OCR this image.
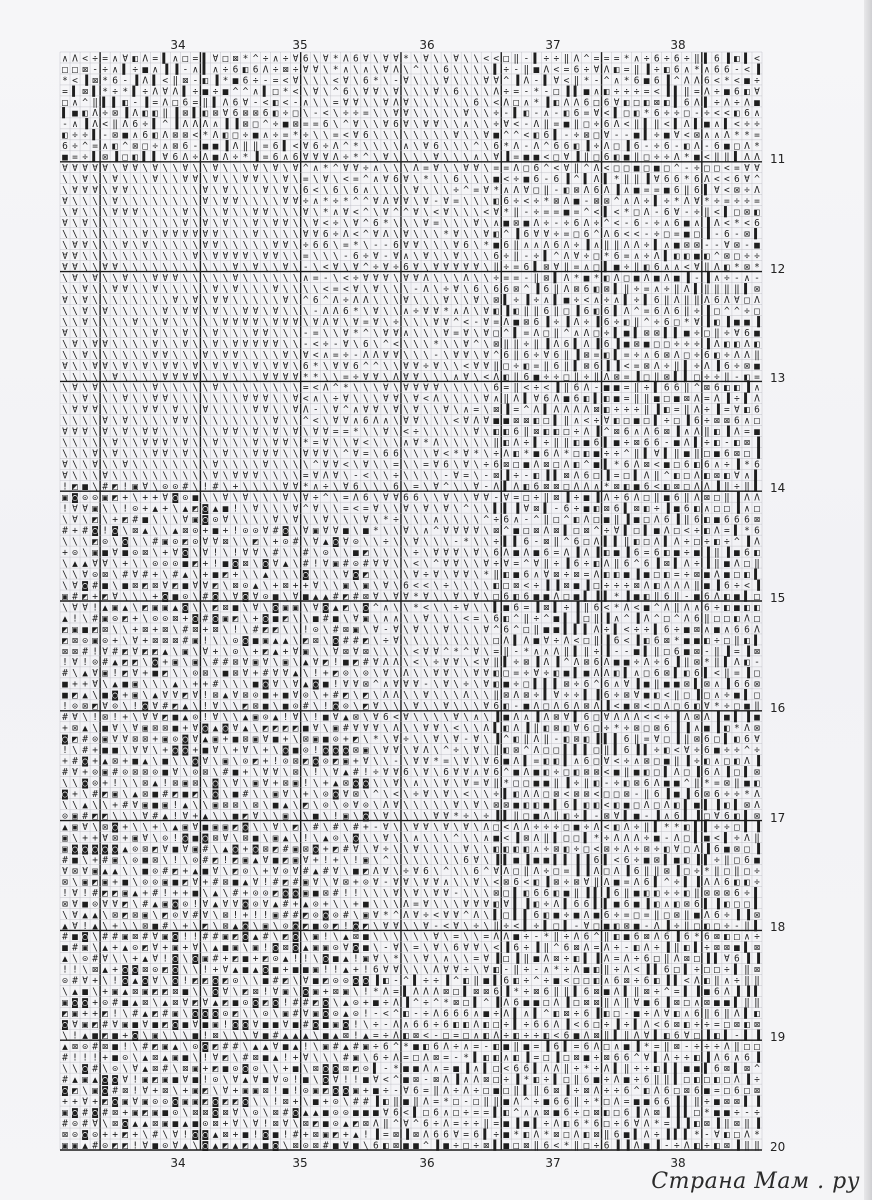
34	35	36	37	38
34	35	36	37	38
11
12
13
14
15
16
17
18
19
20
∧ Λ < ÷ = ∧ ∀ ◧ Λ = ▌ ∧ □ = ▌ ∀ □ ⊠ * ^ ÷ ∧ ÷ ∀ 6 \ ∀ * Λ 6 ∀ \ ∀ ∀ * \ ∀ \ \ ∀ \ \ < < □ ‖ - ▌ ÷ ÷ ‖ Λ ^ = = = * ∧ ÷ 6 ÷ 6 ÷ ‖ ▌ 6 ▐ ◧ ▌ <
□ □ ⊠ - ÷ ∧ ▌ ÷ ■ ∧ ▐ ▐ - ∧ ▌ ∧ ÷ 6 ◧ 6 Λ ÷ ⊠ ÷ ∀ ∀ \ * ∧ \ ∧ \ ∀ Λ \ ^ \ \ 6 \ \ \ \ ▌ ÷ - ‖ ■ Λ < = 6 ÷ ∀ Λ ◧ = ‖ ▐ ÷ ◧ 6 ∧ * ∧ 6 6 - < ▐
* < ▐ ⊠ * 6 - ▐ Λ ▌ < ‖ ⊠ - ◧ ▐ * ■ 6 ÷ - = < ∀ \ \ \ < ∀ \ 6 * \ - ∀ \ \ \ ∀ \ \ \ ∀ ∀ ^ ▐ Λ - ▌ ∀ < ‖ * - ^ ∧ * 6 ■ 6 ▐ ^ Λ Λ 6 < * < ■ ÷
= ▌ ⊠ ▌ * ÷ * ▌ ÷ Λ ∀ Λ ▌ ÷ ■ ÷ ■ ^ ^ ∧ ▌ □ * < \ ∀ \ ^ 6 \ ∀ ∀ \ ∀ \ \ \ ∀ \ 6 \ \ \ Λ ÷ = - * - □ ▐ ▌ ■ ∧ ◧ ÷ ÷ ÷ = < ▐ ▌ ‖ = Λ ÷ ■ 6 ◧ ∀
□ ∧ ^ ‖ ▌ ▌ ◧ - ▐ = Λ □ 6 = ‖ ▌ Λ 6 ∀ - < ◧ < - ∧ \ \ = ∀ ∀ \ \ ∀ Λ ∀ \ \ \ \ \ \ 6 \ < Λ □ ∧ * ▐ ◧ Λ Λ 6 □ 6 ∀ ◧ □ ◧ ⊠ ◧ ▌ 6 Λ ▌ ÷ Λ ÷ Λ ■
▌ ■ ◧ Λ ÷ ⊠ ▐ Λ ◧ ◧ ‖ ▐ ⊠ ▌ ◧ ⊠ ∀ 6 ⊠ ⊠ 6 ◧ ÷ □ \ - < \ ÷ ÷ = \ \ ∀ ∀ \ \ \ \ \ ∀ \ \ ÷ - ▌ ◧ - ∧ - ◧ 6 = ∀ < ▌ □ ◧ * 6 ÷ ÷ □ - ÷ < < ◧ 6 ∧
- ∧ ▐ Λ < ‖ Λ 6 ÷ ▌ ^ ▐ Λ Λ Λ ∧ ▐ ▐ ⊠ □ ^ ÷ ■ ⊠ = = 6 \ ^ ∀ \ \ ∀ 6 ∀ \ ∀ ∀ \ \ ∧ \ \ ÷ ∀ < - Λ ‖ = ■ ‖ □ ÷ 6 Λ < ‖ ▌ ‖ < ▌ Λ ▌ ■ ∧ ▌ < ÷ ÷
◧ ÷ ÷ ▌ - ⊠ ■ ∧ 6 ◧ Λ ⊠ ⊠ < * Λ ◧ □ ÷ ■ ∧ ÷ = * ÷ \ \ = < ∀ 6 \ \ \ \ \ \ \ \ ∀ \ \ ∀ ■ ^ ^ < ◧ 6 ▌ - ÷ ⊠ □ ∀ - - ■ ▌ ÷ ■ ∀ < ⊠ ∧ ∧ Λ * * =
6 ÷ ^ = ∧ ◧ ^ ⊠ □ ÷ ∧ ⊠ 6 - ■ ■ ▐ Λ ‖ ‖ = 6 ▌ < ∀ 6 ÷ Λ ^ * \ \ \ \ ∧ \ ∀ 6 \ \ \ ^ \ 6 * Λ - Λ ^ 6 6 ◧ ▐ ÷ Λ □ ▐ 6 - ÷ 6 - ◧ Λ - 6 ■ □ Λ *
■ = ÷ ▌ ⊠ ▐ □ ◧ ▌ ▌ ∀ 6 Λ ÷ Λ ■ Λ ÷ * ▐ = 6 ∧ 6 ∀ ∀ ∀ Λ ÷ * ^ \ ∀ \ \ \ \ ∀ \ \ \ ∧ \ ∀ ▐ = ■ ■ < □ ∀ ▐ ‖ □ 6 ◧ ■ ‖ □ ÷ ÷ Λ * ■ < ‖ ‖ ▌ Λ Λ
∀ ∀ ∀ ∀ ∀ \ ∀ ∀ \ ∀ \ \ ∀ \ \ ∀ \ \ \ ∀ \ ∀ \ ∀ ^ ∧ * ^ ∀ ∀ ÷ ∧ \ \ \ Λ = ∀ \ \ ∀ ∀ \ = = Λ □ 6 ^ < ∀ ‖ ^ Λ < □ □ ■ □ ■ □ ^ - ÷ □ □ < = ∀ ∀
\ \ ∀ \ \ ∀ \ \ \ ∀ \ \ ∀ ∀ \ ∀ \ \ ∀ ∀ \ \ ∀ \ = \ ∀ \ < = ^ ∧ ∀ 6 ∀ \ * \ \ 6 \ \ \ ■ < ÷ ■ 6 - 6 ▐ ^ ▌ Λ ▌ * ‖ ‖ ▐ ∀ 6 6 * 6 Λ < < 6 ∀ ^
\ ∀ ∀ ∀ \ ∀ ∀ \ \ \ \ \ \ \ ∀ \ ∀ \ \ \ ∀ \ ∀ \ 6 < \ 6 \ 6 ∧ \ \ \ \ ∀ \ \ \ ÷ ^ = ∀ * ∧ Λ ∀ □ ‖ - ◧ ⊠ Λ 6 Λ ▐ ∧ ■ = = ■ 6 ‖ 6 ▌ ∀ < ⊠ ÷ Λ
∀ \ \ \ \ ∀ \ \ \ \ \ \ \ \ ∀ \ ∀ ∀ \ \ \ \ ∀ ∀ ÷ ∧ * ÷ * ^ ^ ∀ Λ ∀ ∀ \ ∀ - ∀ = \ \ \ ◧ 6 ÷ < ÷ * ⊠ Λ ■ - ⊠ ⊠ ^ ∧ Λ ÷ ▌ ÷ * Λ ∀ * ÷ = ÷ ÷ =
\ ∀ \ \ \ ∀ ∀ ∀ \ \ \ \ ∀ \ \ \ ∀ \ \ ∀ ∀ \ \ \ ∀ \ * ∧ ∀ < ^ \ ∀ ^ ^ ∀ \ < ∀ \ \ \ < ∀ * ‖ - ÷ = = ■ = ^ < ▌ < * □ Λ - 6 ∀ - ÷ ‖ < ▌ □ ⊠ ◧
∀ \ ∀ \ \ \ \ \ \ \ \ \ ∀ \ ∀ \ ∀ \ \ ∀ \ ∀ ∀ \ \ ∀ < ÷ \ ∀ ^ 6 * \ \ \ ∀ = \ \ \ ∀ \ ∧ ■ ⊠ ■ Λ ÷ - ÷ 6 Λ ÷ ^ < - 6 - ÷ ∧ 6 ■ ∧ ▐ Λ < * < 6
\ \ \ \ \ \ \ \ ∀ \ ∀ ∀ ∀ ∀ ∀ ∀ \ \ \ ∀ \ \ \ \ ∀ ∀ 6 ÷ Λ < ^ ∀ Λ \ ∀ \ \ \ * ∀ \ \ ∀ ◧ ^ ▐ 6 ∀ ∀ ÷ = □ 6 ^ Λ 6 < < - ÷ □ = ■ □ ▐ - 6 - ⊠ ▌
\ ∀ ∀ \ \ \ ∀ \ ∀ \ \ \ \ \ ∀ ∀ \ \ \ \ \ ∀ ∀ \ ÷ 6 6 \ = * \ - - 6 ∀ ∀ \ \ \ ∀ 6 \ * ■ 6 ‖ ∧ ∧ Λ 6 Λ ÷ ▐ ∧ ‖ ‖ Λ Λ ÷ ▌ ∧ ■ ⊠ ⊠ - - ∀ ⊠ - ■
∀ ∀ \ \ \ \ \ \ \ \ \ \ \ ∀ \ ∀ ∀ ∀ ∀ \ ∀ ∀ \ \ = \ \ \ - 6 ÷ ∀ - ∀ ∧ \ ∀ \ \ ∀ \ \ \ 6 ÷ ‖ - ÷ ▌ ^ Λ ∀ ÷ □ * 6 = ∧ ÷ Λ ▌ ◧ ◧ ■ ◧ ^ ⊠ □ ÷ ÷
∀ ∀ \ \ ∀ ∀ \ \ \ \ \ \ \ \ \ \ \ ∀ \ ∀ \ \ ∀ \ - \ < ∀ \ ∀ ^ ÷ ∀ ÷ 6 ∀ \ ∀ ∀ ∀ ∀ ∀ \ ‖ ÷ = 6 ▌ ⊠ ∀ ‖ = ∧ □ ▌ ■ ÷ ‖ ◧ 6 ∧ ∧ < ∀ ‖ Λ ◧ * ⊠ *
\ ∀ \ ∀ \ \ ∀ \ \ ∀ ∀ ∀ \ \ \ \ \ ∀ \ \ \ \ \ \ ∧ = - \ < ÷ ∀ ∀ ∀ \ ∀ ∀ Λ \ \ \ Λ \ \ ÷ = = - ‖ ⊠ ▌ Λ * ■ * ◧ Λ □ ■ Λ ■ Λ ■ ▐ - ▐ ∧ ÷ - ∧ -
\ \ ∀ \ \ ∀ ∀ \ \ ∀ \ \ \ \ \ ∀ \ ∀ \ \ \ ∀ \ \ \ \ < = < ∀ \ ∀ \ \ \ - Λ \ ÷ ∀ \ 6 \ 6 6 ⊠ ^ ▐ 6 ‖ Λ ⊠ 6 ◧ ⊠ ▌ ‖ ÷ = ∧ ÷ ‖ Λ ▌ ‖ ‖ ‖ ‖ ▌ ⊠
∀ \ ∀ \ \ \ \ \ \ \ \ ∀ \ ∀ \ ∀ ∀ \ \ \ \ \ ∀ \ ^ 6 ^ Λ ÷ Λ Λ \ \ \ ∀ \ \ \ ∀ \ \ ∀ \ ⊠ ▌ ÷ ▐ ÷ ∧ ▌ ■ ÷ < ∧ ÷ ∧ ▌ ÷ ▌ 6 ‖ Λ ‖ ‖ Λ 6 Λ ∀ □ Λ
\ \ ∀ \ ∀ \ \ \ \ \ ∀ \ ∀ ∀ \ ∀ \ \ ∀ ∀ \ ∀ \ \ \ - Λ Λ 6 * \ ∀ \ \ ∧ ÷ ∀ ∀ * ∧ Λ \ ∀ ◧ ▐ ◧ ‖ ‖ 6 ‖ □ ▐ 6 ◧ 6 ▌ Λ ^ = 6 Λ 6 ‖ ÷ ▐ □ ^ ^ ÷ □
\ \ ∀ \ \ \ \ ∀ \ \ ∀ \ \ \ \ \ ∀ ∀ ∀ ∀ \ ∀ ∀ ∀ \ ∀ Λ ∀ \ ∀ = ∀ \ ÷ \ \ \ ∀ ∀ ^ < - ∀ = Λ ■ ⊠ 6 ▐ ÷ ▐ Λ ÷ ▐ 6 ÷ ◧ ‖ ^ ÷ 6 □ * ∀ ▐ ◧ ▐ ■ ■ ▐
∀ \ \ \ \ \ \ \ \ ∀ \ \ ∀ \ \ ∀ \ \ \ ∀ ∀ \ \ \ - = \ \ ∀ * ^ \ ∀ ∀ ∧ \ \ \ ∀ = ∀ \ ∀ □ ^ ▌ = Λ □ ‖ ^ ∧ Λ □ ÷ ▌ ■ ▌ ⊠ ⊠ ▌ ▌ ■ ÷ □ ‖ ÷ ∀ 6 ■
\ ∀ \ ∀ ∀ \ \ \ \ ∀ \ \ ∀ \ \ ∀ \ ∀ ∀ ∀ ∀ ∀ \ \ - < ÷ - ∀ \ 6 \ ^ < \ \ \ * \ \ ∀ ^ \ ⊠ ‖ ‖ ÷ ‖ ▐ Λ 6 ▌ Λ ▐ 6 ▐ ■ ⊠ ■ □ □ ÷ ÷ ÷ ▐ Λ ◧ ◧ Λ ◧
\ \ ∀ \ \ \ \ \ \ ∀ ∀ \ \ \ ∀ \ ∀ ∀ \ \ \ \ ∀ \ ∀ < ∧ = ÷ - Λ Λ ∀ ∀ \ \ \ - \ ∀ ∀ \ ∀ ^ 6 ‖ 6 ÷ ∀ 6 ‖ ▐ ⊠ = ◧ ▌ = ÷ ∧ 6 ⊠ Λ □ ÷ 6 ◧ ÷ Λ Λ ‖
∀ \ \ ∀ ∀ \ ∀ \ ∀ \ ∀ ∀ \ ∀ \ ∀ \ ∀ \ ∀ \ ∀ ∀ \ 6 * \ ∀ ∀ 6 ^ ^ \ \ ∀ ∀ ÷ ∀ \ \ < ∀ ∀ ‖ □ ÷ ◧ = ‖ 6 ‖ ▌ ⊠ 6 ▐ ▐ < = ⊠ Λ ÷ ‖ ▌ ÷ Λ ▐ 6 ÷ ⊠ ■
\ \ \ \ \ ∀ \ \ \ \ ∀ ∀ ∀ ∀ \ \ ∀ \ \ \ ∀ ∀ ∀ ∀ * * \ \ = ÷ ∀ ∀ \ Λ ∀ ∀ \ \ \ ∧ ∀ \ < Λ ◧ ‖ 6 ■ ÷ ÷ □ ‖ ÷ ‖ Λ ⊠ = ▐ □ ‖ ⊠ ▌ ▌ □ ÷ ÷ ‖ - ◧ =
\ ∀ \ ∀ \ \ \ \ \ ∀ \ \ \ \ \ ∀ \ \ \ \ \ \ \ \ = < Λ ^ * \ \ \ ∀ \ ∀ ∀ ∀ ∀ \ \ \ \ \ 6 = ‖ < ÷ < ▐ ‖ 6 Λ - ■ ■ = ‖ ÷ ▌ 6 6 ‖ ^ ⊠ 6 ◧ ◧ ▐ ∧
\ \ ∀ \ \ \ ∀ \ \ ∀ ∀ \ \ \ \ \ \ \ ∀ ∀ ∀ \ \ ∀ < ∧ \ ÷ ∀ \ \ \ ∀ ∀ \ ∀ < Λ \ \ \ \ ∀ ∧ ‖ Λ ▌ ∀ 6 Λ ■ 6 ◧ ▌ ◧ ■ = ‖ ‖ ■ □ ■ ⊠ Λ = Λ ▐ ÷ ▌ Λ
\ ∀ ∀ ∀ \ \ \ \ ∀ ∀ \ ∀ \ \ ∀ \ \ \ \ ∀ ∀ \ \ ∀ Λ - \ ∀ ^ ∧ ∀ ∀ \ ∀ \ ∀ \ \ ∀ \ ∧ = \ ⊠ ▐ = ^ Λ ▌ Λ Λ Λ Λ ⊠ ◧ ÷ ÷ ÷ ‖ ▐ ◧ = ‖ Λ ÷ ▐ = ∀ ◧ 6
\ \ \ \ ∀ \ ∀ \ \ \ \ ∀ ∀ \ \ \ \ \ \ \ \ ∀ \ \ ^ < \ ∀ ∀ ∧ 6 Λ ∧ \ ∀ ∀ \ \ \ < ∀ Λ ∀ ■ ■ ⊠ ⊠ ◧ □ ▌ ‖ ∧ < ÷ ∀ ◧ □ ■ □ ▌ ÷ □ ▐ 6 ÷ ⊠ ⊠ 6 ∧ □
∀ ∀ ∀ \ ∀ \ ∀ \ ∀ ∀ \ \ \ \ \ \ ∀ ∀ \ ∀ \ ∀ \ ∀ \ ∀ ∀ = = * \ \ ∀ \ < ÷ \ \ \ \ \ ∀ \ ◧ ◧ 6 ‖ ⊠ ◧ ◧ □ ÷ Λ ▐ ^ ⊠ 6 ∧ Λ 6 ⊠ ▐ ∧ Λ ‖ ◧ ▐ Λ = ■
\ \ \ \ \ ∀ \ \ ∀ ∀ ∀ \ ∀ \ \ ∀ \ \ \ ∀ \ ∀ ∀ \ * = ∀ \ \ ∀ < \ \ \ ∧ ∀ * Λ \ \ \ \ \ ‖ ◧ Λ ÷ ▌ ÷ ‖ ‖ ◧ ■ 6 ▌ ■ ÷ ⊠ 6 6 - ■ Λ ▌ ÷ ◧ - ◧ ⊠ ▐
\ \ \ ∀ \ ∀ \ \ \ ∀ ∀ \ ∀ \ \ \ ∀ \ \ ∀ ∀ ∀ \ \ ∀ ∀ ∀ \ ^ ∀ = \ 6 6 \ \ \ ∀ < * ∀ * \ ÷ Λ ◧ * ■ 6 Λ * □ ◧ ■ ÷ ÷ ^ ‖ ▌ ∀ ▌ ‖ ■ ‖ □ ■ 6 ⊠ □ ▐
∀ \ \ ∀ \ \ ∀ \ \ \ \ \ \ \ \ ∀ \ \ \ \ ∀ \ \ \ \ ^ ∀ ∀ < \ ∀ \ \ = \ \ = ∀ 6 \ ∀ \ ÷ 6 ⊠ □ ■ Λ ⊠ □ Λ ◧ ^ ■ ▌ * 6 Λ ⊠ < ■ □ 6 ◧ 6 ∧ ÷ ▐ * 6
∀ \ \ \ ∀ \ \ \ \ \ \ \ \ \ \ ∀ \ ∀ ∀ ∀ \ \ \ \ = ∀ Λ ∀ \ - < \ \ ÷ \ \ \ \ - ∀ = \ - ⊠ ▐ ÷ - ◧ ▐ ▌ ⊠ Λ 6 □ ▐ = □ ▌ Λ ‖ ^ ◧ □ Λ ◧ ⊠ ◧ ∀ ∧ ▌
! ◩ ■ \ # ◩ ! ▣ ∀ \ ⊙ ⊙ # \ ! # \ + \ \ \ \ ∀ ∀ * ∧ ÷ \ ∀ 6 \ \ \ 6 \ = \ ∀ ^ \ \ ∀ - Λ ▌ Λ ◧ 6 ⊠ ⊠ □ Λ Λ ∧ * ⊠ ◧ ■ 6 < ◧ ⊠ □ Λ Λ ▐ ‖ ÷ ‖ ▌
▣ ◙ ⊙ ⊙ ▣ ◩ + \ + + ∀ ◙ ⊙ ■ \ \ ∀ \ ∀ \ \ \ ∀ \ ∀ ÷ ^ \ = Λ 6 \ ∀ ∀ 6 6 \ \ ∀ \ \ ∀ ∀ - ∀ = □ ÷ ‖ ⊠ ▐ ÷ ■ ▐ Λ ÷ 6 Λ □ ‖ ■ 6 ‖ Λ ⊠ □ ‖ ▐ Λ Λ
! ∀ ∀ ▣ \ \ ! ⊙ + ▲ + \ ▲ ◩ ◙ ▲ ■ ! \ ∀ \ \ \ ∀ ^ ∀ \ \ = < = ∀ \ \ ∀ \ ∀ \ ∀ \ ^ \ \ ▌ ▌ ▐ ∀ ⊠ ▌ - 6 ÷ ■ ◧ ⊠ 6 ▌ ⊠ ◧ ÷ ▐ ■ 6 ◧ ∧ □ □ ▐ ∧ □
\ ∀ \ ◩ \ + ◩ # ■ \ \ \ ∀ ▣ ◙ ⊙ ∀ \ \ \ \ ∀ \ ∀ \ \ ∀ \ \ \ ∀ \ * ÷ \ \ \ ∧ \ \ \ \ ^ ÷ 6 ∧ - ^ ‖ □ ^ ◧ Λ □ ■ ‖ ▐ ■ □ Λ 6 ▐ ‖ 6 ◧ ■ 6 6 6 ⊠
# + # ◙ ! ◙ \ ⊠ ▲ \ \ ▲ ⊠ ⊙ + ■ + ! ⊙ ⊙ ∀ # ◙ \ ∀ ▣ ∀ ∀ ■ \ ■ * \ \ ∀ \ ∧ ^ ∀ ∀ ∀ ∀ \ ⊠ ^ ■ □ ⊠ Λ ⊠ ▌ □ ⊠ ^ ÷ ∀ ▌ □ ▌ ■ Λ □ < ÷ ◧ Λ = ▌ * 6
\ \ \ ◩ ⊙ \ ◙ \ \ # ▣ ⊙ ◩ ⊙ ∀ ∀ ⊠ \ \ ◩ \ + ⊙ # \ ∀ ▲ ◙ ∀ ⊙ \ \ ÷ \ \ ∀ \ \ \ - * \ \ ÷ ▌ ▌ 6 - ⊠ ‖ ^ 6 □ Λ ▌ ▌ ‖ ◧ □ Λ ▌ Λ ÷ □ ÷ ◧ ÷ ^ ▐ Λ
+ ⊙ \ ▣ ■ ∀ ■ ⊙ ⊠ \ + ∀ ◙ \ ∀ ! \ ! ∀ ∀ \ # \ \ # \ ⊙ \ \ ■ ◩ \ \ \ \ ÷ \ ∀ ∀ ∀ \ ∀ \ 6 Λ ■ Λ ■ 6 = Λ ▐ Λ ▐ ◧ ■ ▐ 6 = 6 ◧ ■ ÷ ■ ▐ ‖ ▐ ■ 6 ◧
\ ▲ ▲ ∀ ∀ \ + \ \ ⊙ ⊙ ⊙ ■ ◩ + ! ■ ◙ ⊠ \ ◙ ∀ ▲ \ # ! ∀ ▣ # ⊙ # ∀ ∀ \ \ < \ ^ ∀ ∀ \ \ ∀ ÷ ∀ = ^ ∀ ‖ ÷ ▐ 6 ÷ ◧ Λ ‖ 6 ^ 6 ▐ ⊠ ▌ Λ ÷ ▐ ‖ ■ Λ □ ‖
\ \ ∀ ⊙ ⊠ \ # ∀ # + \ # ▲ \ + ■ ◩ + \ \ ▲ \ \ \ ◙ \ \ \ ∀ ◙ ◩ \ \ \ \ ∀ ÷ ∀ \ ∀ ∀ \ * ‖ ◧ ■ 6 ∧ ∀ ⊠ ÷ ⊠ = Λ ◧ ◧ ■ ▐ ■ □ ◧ = ÷ ⊠ ■ Λ ■ □ ◧ ▌
\ ∀ ◙ # ■ \ ■ ⊠ ◩ ⊠ ∀ ◩ ■ ∀ ∀ ◩ \ ⊠ ⊙ ▲ \ + ⊠ + + ∀ \ \ ▣ \ ▣ \ ∀ \ 6 < < \ ÷ \ \ \ \ ◧ □ ⊠ < ÷ ▐ ▐ ⊠ ■ ▐ □ ÷ ÷ ÷ ⊠ Λ ◧ Λ Λ Λ ‖ ■ ▐ 6 ÷ < ▐
▣ # ◩ + ◩ ∀ \ \ \ + ◙ ■ ⊙ \ # ◙ \ ∀ ◙ ∀ ⊙ ■ \ ∀ ■ ▲ ▲ # ◩ # ⊠ ∀ \ ∀ ∀ * ∀ \ \ ∀ \ ∀ \ □ 6 ◧ 6 ■ ■ Λ □ ■ ▌ ▐ ▌ * ▐ ■ ◧ ‖ 6 ‖ - ■ 6 Λ ◧ ■ ▌ □
\ ∀ ∀ ! ▲ ▣ ▲ \ ◩ ▣ ▣ ▲ ◙ \ \ ◩ ⊠ ■ \ ∀ \ ◙ ▣ ▣ \ ∀ ◙ ▲ ◩ \ ◙ ^ ∧ \ \ * < \ \ ÷ ∀ \ \ ▌ ■ 6 = ▐ ⊠ ▌ ÷ ▐ ‖ 6 < * Λ < ■ ^ Λ ‖ Λ ∧ 6 ÷ ◧ ■ ◧ ◧
▲ ! \ # ▣ ⊙ ◩ + \ ⊙ ⊙ ⊠ + ◙ # ◙ ▣ ◩ \ + ◙ ■ ◩ \ \ ■ # ■ \ ∀ ▣ \ ∧ ∧ \ \ ∀ \ \ \ < = \ 6 ◧ ^ ‖ ÷ ^ ■ ▌ ▐ □ ‖ ▐ ∧ ^ ▐ Λ ^ □ ^ Λ 6 ‖ □ □ ◧ Λ □
◩ ▣ ■ ◩ ⊠ \ \ + ⊠ + ⊠ \ # ⊠ + ⊠ \ ! \ # ◩ ◩ \ \ ! ⊙ \ # ⊠ ▣ \ ∀ - ∀ \ ∀ \ \ ∀ \ \ \ ∀ ^ 6 ^ □ ‖ ■ ■ ▌ ▌ ▌ Λ ÷ ▌ < ÷ ÷ ▌ 6 ÷ ■ ⊠ ∧ ■ ∧ 6 6 Λ
◩ ⊠ ⊙ ▣ ⊙ + \ ∀ + ⊠ ⊠ ⊠ # ▣ ! \ \ ⊙ ◙ ■ ▣ ▲ ▲ \ ◩ ⊠ \ ◙ # # ◩ \ ÷ ∀ \ \ \ \ \ \ \ \ \ □ Λ ▌ Λ ■ ∀ ÷ Λ < □ ‖ ▐ 6 < ▐ ◧ 6 ⊠ * ■ ■ ◧ ÷ □ ‖ ◧ ▌
⊠ ⊠ # ! ∀ # ◩ ∀ ◩ ◩ ▲ \ ▣ \ ∀ + \ ⊙ \ + ◩ ▲ + ∀ ▣ \ \ ∀ ⊠ ∀ ⊠ \ \ \ \ < ∀ ∀ ^ * ^ ∀ \ = ‖ - * ∧ ∧ Λ ‖ ▌ ‖ ÷ ▐ - - ■ ▌ ‖ □ 6 ■ ⊠ - ‖ ▐ = ▐ ⊠
! ∀ ! ⊙ # ▲ ◩ ◩ \ ◙ + ▣ \ ▣ \ # # ⊠ ∀ ▣ ∀ \ ▣ \ ▲ ∀ ◩ ! ■ ◩ # ∀ Λ Λ \ < \ ÷ ∀ ∀ \ < ∀ ‖ ▌ ÷ ⊠ ▐ Λ ▐ ^ Λ ⊠ 6 Λ ■ ■ ÷ Λ ÷ 6 ▐ ‖ ⊠ * ‖ ▌ Λ ◧ -
# \ ▲ ∀ ▣ ! ◩ ∀ + ■ ◩ \ \ ⊙ ⊠ \ ■ ⊠ ∀ + # ∀ ∀ ▲ \ ! + ◩ ⊙ \ ⊙ \ ∀ \ Λ \ \ ∀ ∀ \ \ ∀ ∀ ◧ □ = ÷ ∀ ÷ ◧ ■ ▌ ■ Λ Λ ◧ ▌ ∧ □ 6 ⊠ ▌ ◧ 6 ▌ < ‖ = ▐ □
■ + + ∀ \ ▲ ■ ▣ \ \ \ ▲ \ + + # \ \ \ ■ ◙ ∀ \ ∀ ▲ ◙ ■ ! ∀ ∀ ⊠ ^ ∧ ∀ ∀ ∀ - \ ∀ \ ÷ \ ∀ ◧ ■ ÷ □ ▌ ▌ ▌ ⊠ ÷ 6 ^ 6 ∧ ∀ ▐ ■ ‖ ■ ■ ⊠ ▌ ⊠ ∧ ▐ 6 6 ⊠
■ ◩ ▲ \ ■ ◙ + ▣ \ ▲ ∀ ∀ ◩ ∀ ! ⊠ ▲ ∀ ⊠ ⊙ ■ + ■ ∀ ⊙ \ + # ◩ \ ◩ \ Λ Λ \ \ ∀ \ \ \ Λ \ \ ‖ ⊠ Λ ⊠ ÷ ▌ ∀ ÷ ÷ ▌ ▐ 6 ÷ ⊠ ∀ ■ ◧ < ‖ □ ▐ □ ∧ ÷ ■ ▌ □
! ⊙ ⊠ ◩ ∀ ⊙ \ ! ◙ ∀ # ◩ ▲ \ ! ∀ \ \ ◩ ⊠ ■ \ ■ ⊙ # \ ! ◙ ⊙ \ ◩ ∀ \ \ \ ∀ \ \ ∀ \ \ \ ∀ 6 ◧ - ■ Λ □ Λ 6 Λ ⊠ Λ ▐ < ■ ⊠ < □ Λ □ 6 ◧ ∀ * ÷ □ ■ ‖
# ∀ \ ! ⊠ ! + \ ∀ ∀ ◩ ■ ▲ ⊙ ! ∀ \ \ ▲ ▣ ⊙ ▲ ! ∀ \ ! ■ ∀ ▲ ⊠ \ ∀ 6 < ∀ \ \ \ \ ∀ \ ∧ \ ▐ ■ Λ ∧ ▐ Λ ⊠ ∀ ▌ 6 □ ∀ Λ Λ Λ < < ÷ ▐ Λ ⊠ Λ ▐ ■ ▌ ▐ ■
+ ⊠ ▲ \ ■ ∀ \ ∀ ▣ ⊠ ⊠ ■ + ∀ ◙ ▲ ◙ ∀ ▲ \ ◩ ◩ ◩ ◩ ■ ∀ \ ▣ # ∀ ∀ ∀ \ Λ \ \ ∀ ∀ \ < \ \ Λ ▌ ◧ Λ ▐ ‖ ◧ ⊠ ◧ ∀ 6 □ ÷ * ÷ ⊠ □ ⊠ 6 ▐ ▐ ∧ ■ ▐ ◧ * Λ ⊠
◙ ◩ # ⊙ ▣ ∀ ∀ ⊠ ⊠ + ▣ ⊙ ◙ ∀ ▲ ▣ + ■ ⊠ ▣ ∀ ■ + \ ⊠ ▣ ■ ⊙ + ◩ \ * \ ∀ ÷ \ \ ∀ \ ∀ - ∀ \ ▐ ^ ◧ ‖ Λ ‖ - ◧ ⊠ ◧ ▐ ▌ ▌ 6 ‖ = ∀ □ ▐ ‖ ⊠ 6 □ ▌ ◧ 6 ∀
! \ # + ■ ■ \ ∀ ∀ \ + ◙ ◙ + ■ ∀ \ + ∀ \ + \ ◙ ■ ⊙ ! ◙ ◙ ◙ ⊠ ▣ \ ∀ ∀ \ ∀ Λ \ ^ ÷ \ ∀ \ ‖ ◧ ⊠ ^ Λ □ □ ▌ ▌ ▌ □ ‖ ▌ 6 ▐ ▌ ÷ ◧ < ∀ ÷ 6 ■ ÷ ÷ ^ ÷
+ # ◙ + ▲ ⊠ + ■ ▲ \ ■ \ \ ◙ ∀ \ ▣ \ ⊙ ◩ + ! ⊙ ⊠ ◩ ◙ ⊙ ◩ ▣ + ∀ \ \ - \ ∀ ∀ * = \ ∀ \ ∀ 6 ■ Λ ▌ = ◧ ◧ ▌ ∧ 6 □ ∀ < ÷ ∧ ⊠ □ ■ ‖ ▐ ÷ ◧ ∧ □ ◧ Λ ▐
# ∀ + ⊙ ▣ # ⊙ ⊠ ⊠ ⊙ ■ ∀ \ ⊙ ⊠ \ # ■ + \ ∀ ∀ \ ⊠ \ ! \ ∀ ▲ # ! ÷ ∀ ∀ 6 \ ∀ \ 6 ∀ ∀ ∧ ∀ 6 ^ ■ Λ ■ ◧ ÷ □ ◧ ⊠ ⊠ < ■ ‖ ■ ◧ □ ▌ Λ □ ▐ 6 Λ ▐ □ ▌ ⊠
\ \ ◙ ⊙ + ! \ \ ⊠ ▲ ! ⊠ ▣ ⊠ \ ◙ \ ∀ \ ▣ ∀ + ⊠ ▣ ! \ + ▲ ⊠ ◙ ◙ \ \ ∀ \ ∧ \ \ ∀ \ ∀ = ∀ ‖ * □ □ ■ ■ ‖ ▐ ÷ ‖ ◧ - ÷ ◧ ⊠ 6 Λ ■ ■ ^ ‖ * = ⊠ ‖ ■ ◧
◙ + \ # ◩ ▣ \ ▲ ⊠ ■ # ◩ ■ ◩ \ ◙ \ ■ # \ \ ▣ ∀ \ + \ ⊙ ◙ ∀ ⊠ \ ^ \ < \ ÷ ∀ \ ∀ \ < \ \ ÷ ▌ ◧ Λ Λ □ ⊠ < ⊠ ⊠ < □ □ ⊠ - ‖ 6 ▐ ■ ▐ 6 ⊠ 6 ÷ ÷ * Λ
\ \ ▲ \ \ + # ∀ ▣ ■ ▣ ! ▲ \ \ ▣ ⊠ ⊠ \ ⊠ \ ■ ▲ \ ◩ \ ⊙ \ ⊙ ∀ ⊙ \ Λ ∀ \ \ \ \ \ ∀ \ ∀ \ ⊠ ⊠ ■ ◧ ◧ ■ ▌ 6 ▌ ◧ ◧ < ◧ ■ □ Λ □ Λ ◧ ▌ ■ ▌ ▐ ◧ ▌ ⊠ Λ
⊙ ▣ # ◩ ◩ \ \ \ ∀ # ▲ ! ∀ + ▲ \ \ ■ ◩ ∀ \ \ ▣ \ \ ■ \ ! ▣ \ ◙ \ ∀ \ \ \ \ ∀ ∀ * ÷ \ ÷ ▐ ▌ ‖ □ ■ Λ ‖ ◧ ÷ ▌ - ⊠ ∀ ▌ ■ - ▐ ∧ 6 ▌ ▐ □ ∀ 6 ◧ ▌ ⊠
▲ ▣ ∀ \ ⊠ ◙ + \ \ + \ ▲ ▣ ∀ ■ ▣ ▣ ◩ ◙ \ \ ∀ \ ◩ \ # \ # \ # + - ∀ \ \ ∀ ∀ \ ∀ \ ∀ \ Λ □ < Λ Λ ÷ ÷ ÷ □ ■ ÷ Λ < ◧ Λ ÷ ‖ ▌ * * ◧ ▌ ▌ ÷ ÷ □ ▌ ▐
▣ \ + + ∀ ⊠ + ▣ ∀ \ ⊙ ! ◙ ■ ◙ ⊠ ∀ \ ⊠ ■ \ ▣ ▲ \ ! \ ▲ ⊙ \ ◙ \ \ ∀ \ \ ∧ \ \ \ ^ \ \ ∧ ■ < ▐ ⊠ Λ ‖ ▌ □ □ ▌ * ÷ Λ Λ Λ ÷ ■ - Λ □ ▌ ■ < ▌ ÷ Λ ‖
▣ ◙ ◙ ◙ ◙ ◙ ▲ ⊙ ⊠ ◩ ∀ ■ ∀ ▣ # \ ▲ ◙ + ◙ ⊠ ◩ # ▣ ⊠ ◙ + ◩ # ∀ \ ∀ ÷ \ \ ∀ \ \ \ \ ∀ \ \ ◧ ◧ ◧ ◧ ∧ ÷ ⊠ ◧ ÷ □ < ⊠ ÷ Λ ÷ ⊠ ÷ ◧ ∀ □ Λ ▐ 6 ■ ⊠ □ ▐
# ■ \ + # ▣ \ ⊙ ■ ⊠ \ ! \ ⊙ # ◩ ! ◩ ▣ ▲ ∀ ■ ◩ ▣ ∀ + ! + \ ! ▣ \ ^ \ \ \ \ \ \ \ 6 ∀ \ ▐ ▌ ■ ▐ ■ ■ ▌ ▌ ▐ ▐ 6 ▌ < 6 ÷ ■ ⊠ ▌ ■ ◧ ▐ ▌ ÷ ‖ □ 6 ■
∀ ⊠ ∀ ▣ ▲ ▲ \ \ ■ ⊙ # ◩ + ▲ ■ ∀ \ ◩ ⊙ \ + ∀ ⊙ ∀ # ▲ # ∀ \ ■ ◩ Λ ∀ \ ÷ ∀ 6 \ ^ \ \ 6 ^ ∀ Λ □ ‖ Λ ÷ □ = ▐ ▐ Λ □ Λ ▐ 6 ‖ ‖ ⊠ ▐ □ ÷ * ‖ □ ‖ □ ÷
⊠ \ ▣ ◩ ▣ + ■ \ ⊙ ⊙ ▣ ■ ◩ ∀ + # ⊠ ■ ▲ ∀ ! # ◩ # ▣ ∀ \ ∀ ⊠ + ⊙ ∀ - ∀ ∀ \ ∀ ∀ ∧ \ \ ∀ \ < ⊠ 6 < ◧ ▐ ⊠ ÷ ⊠ ∀ ‖ Λ ■ = Λ 6 ▌ ^ ÷ ▌ ▐ Λ Λ 6 ◧ ◧ ÷
! ∀ ! # ◩ ◩ ▣ ▲ + # ! + + ■ \ ▲ \ # + ⊙ ⊙ ◩ ◙ ◙ ▣ ■ ⊠ # ! ! \ \ \ ∀ \ ∀ \ ∀ ∀ - \ \ \ ⊠ □ ▌ ◧ 6 6 ◧ ■ ‖ ▐ ▌ ▐ 6 ‖ ■ ◧ ◧ ÷ ÷ ◧ ‖ ⊠ ⊠ ⊠ 6 ÷ ▌
⊠ ∀ ■ ⊙ ∀ ∀ ◩ \ # ▲ ▣ ◙ ⊙ ! ∀ ▲ ∀ ∀ ◙ ⊙ ∀ ▲ # + ▲ ⊙ + \ \ + ■ \ \ \ Λ = ∀ \ \ \ ∀ ∀ ∀ ◧ ∀ ▌ ▐ ◧ ÷ Λ ▌ 6 6 ▌ ▌ ■ 6 ■ ▐ ◧ ∧ ◧ ⊠ 6 ▌ ▐ ◧ □ □ ▌
\ ∀ ▲ ▲ \ ⊠ ◩ ⊠ ▣ \ ◩ ⊙ ∀ # ∀ \ ⊠ ! + ! ! ▣ # # ◩ ⊙ ◙ ⊙ # \ ▣ ∀ * ^ Λ ∀ ÷ < ∀ ∀ ^ Λ \ ▌ □ ▌ ▌ 6 ◧ ■ ÷ ■ Λ ■ 6 ÷ = □ = ‖ □ ⊠ ‖ ■ Λ 6 ÷ ▐ ▐ ⊠
▲ ∀ ! ▲ \ + \ \ ⊠ ■ # \ + \ ◩ \ ⊠ ▲ ◙ \ ▣ \ ⊙ ◙ ◩ ■ ⊙ ◩ ! ◙ ◩ \ ∀ ∀ \ \ ∀ - < ∀ \ ÷ \ ‖ ÷ < ▌ ÷ ▌ □ ▌ - ∀ □ ■ ◧ ⊠ ■ - Λ ▐ ÷ ‖ □ ◧ □ ÷ - ‖ ▌
# ■ ◙ \ # # ▣ ⊠ # ∀ ▣ ◙ ! ! # # ▣ ◩ ◙ ▲ # \ ◩ ◙ \ ▣ ! \ ▲ ⊠ ■ \ \ \ \ \ \ ∀ \ = \ \ = Λ Λ ■ ÷ - * ‖ ÷ Λ 6 ^ ‖ ◧ ■ 6 ⊠ Λ 6 ▐ 6 * 6 ⊠ ◧ □ ∧ ÷
■ # ▣ \ ▲ + ▲ ⊙ ◩ ∀ + ▣ + ∀ \ ▲ ■ ▣ \ ▣ ! ◙ ⊠ ◙ ▲ ▣ ▣ ⊙ ∀ ◙ ■ \ - ∀ \ = \ ∀ \ 6 ∀ ∀ \ < ▐ 6 ÷ ▐ ‖ ^ 6 ⊠ Λ = Λ ÷ - ◧ Λ ÷ ▐ ‖ ◧ ▌ ÷ ⊠ ⊠ ■ ▌ ⊠
▲ \ ⊙ # ∀ \ \ + ▲ ∀ ! ◙ \ ◙ ▣ # + ◩ ■ + ◩ ⊙ ▲ ! ! \ ◙ ■ ▲ ! ▣ ∀ \ * \ \ ∀ \ ∧ \ \ = ∀ ▐ □ ▐ ‖ ■ Λ ⊠ ÷ ◧ ▌ ▐ Λ = Λ ÷ 6 □ ‖ Λ ⊠ □ ▐ ▌ ∀ 6 ▐ ▐
! ! \ ⊠ ▲ + ◙ ◙ ⊠ ⊙ ◩ ◙ \ \ ! + ∀ ▲ ■ ▲ ◙ ■ + ■ ■ ▣ ! ! ▲ + ! 6 ∀ ∀ \ \ \ Λ ∀ ∀ ÷ \ ∀ ◧ - ‖ ÷ - ∧ * ÷ Λ ■ ◧ ‖ ÷ Λ < ▐ ▌ 6 □ ▌ ÷ □ □ ÷ ▌ ‖ ⊠
⊙ # ∀ + \ ! ◙ ▲ ◙ ∀ \ ◙ ! ◩ ◩ ◙ ◩ ⊙ \ \ ■ # ◩ \ ∀ ■ ◩ ⊙ ⊙ ◙ ◙ ▐ ◧ - ^ ▌ ÷ ÷ ▐ ^ ◧ ‖ ■ ▌ 6 ◧ ÷ ^ ÷ ■ < □ □ ◧ ∧ 6 ⊠ ÷ 6 ◧ ▐ ▌ < Λ ◧ ‖ ∧ ÷ ‖ ‖
\ ▲ ■ \ + ▣ ▲ ⊠ ▣ ◩ ◩ ⊠ ■ \ \ ◙ ∀ \ ◩ ⊠ ! ∀ ▣ \ ◙ ▣ + ⊠ ▣ \ ! * Λ = ▌ Λ Λ Λ ⊠ □ ▌ ⊠ ⊠ 6 ▐ * ÷ ⊠ 6 ‖ ‖ ▌ 6 ⊠ ■ Λ ▌ ‖ ⊠ ÷ ^ = ▌ ▐ ■ 6 Λ ▐ ▐ ▌
▣ ◙ ◙ + ⊙ # ■ ▲ ⊠ \ ▲ ⊠ ∀ ◩ ∀ ▲ ◩ ■ ⊙ ◙ ◩ ◙ ! # # ◩ ◙ \ ▲ ⊙ + ■ ÷ Λ ▐ ^ ÷ ^ * ⊠ □ ▌ ^ ▐ Λ 6 ■ ■ □ Λ ▐ □ ⊠ ⊠ ‖ Λ ‖ ∀ ■ 6 ▐ ⊠ □ ∧ ⊠ ■ ■ ▌ ‖ ‖
◩ ▣ + + ◩ ! \ # ▲ ◩ # ▣ \ ◙ ◙ ◙ ⊙ ◩ \ \ ⊙ \ ▣ # ∀ ▣ ◙ ⊙ ▲ ⊙ ! - < ^ ◧ - ÷ Λ 6 6 6 ∧ ■ ÷ Λ ▌ ∧ ▌ ^ ◧ ⊠ ÷ 6 ▐ ◧ □ - ■ ÷ Λ ∀ ◧ ∧ 6 ‖ 6 ‖ Λ ▌ ◧
◙ ∀ ▣ ◩ # ∀ ▣ ■ ∀ ■ ◩ ◙ ■ ∀ ■ ▣ ! ◙ ◙ ∀ ■ ■ ∀ ■ # ◙ ■ ▣ ◙ ! \ ÷ - Λ ∧ 6 6 ÷ 6 ◧ ◧ Λ ◧ □ ÷ ▌ ÷ 6 6 Λ ▐ < 6 □ ÷ ▐ ÷ ▌ Λ < 6 ⊠ ◧ ÷ ÷ = □ ⊠ ◧ ⊠
\ ! ▲ ■ ◩ ■ + ◙ \ ▣ \ \ \ ■ ! ⊠ \ \ \ ∀ ■ # ▲ ▲ ▲ \ ■ ▲ ⊠ ! ▲ = ÷ Λ ◧ ⊠ < - □ = □ ∧ ◧ Λ ÷ ◧ ÷ ÷ ◧ < 6 ■ Λ ⊠ ‖ ▌ ‖ Λ ∀ ▌ ◧ 6 ∀ □ ▐ ◧ ▌ - ▌ ▐
▲ ⊠ ⊙ # ⊠ ■ ! \ # ◩ ▣ ▲ \ ⊙ ◙ ◩ # # \ ▲ ▲ ∀ ■ ▲ ! \ ▣ # ▲ # ▣ ÷ 6 ^ * ■ ◧ 6 Λ ÷ ∧ = - ◧ ■ ‖ ■ = ▐ 6 ▌ = 6 Λ □ ∧ ■ ▐ * = ‖ ⊠ - ÷ ÷ ÷ Λ ‖ □ □
# ! ! ! + ■ ⊙ \ ▲ ⊠ ▲ ▣ ■ \ ! ∀ ◩ \ # ⊠ ■ ▲ ! + ∀ \ \ \ # ▣ \ 6 ÷ Λ = □ Λ ⊠ = - * ▌ ◧ ◧ ∧ ◧ ▐ = □ ▐ □ ⊠ ■ ÷ ⊠ 6 6 ^ ∀ ▌ Λ ÷ ÷ ◧ ▐ Λ 6 ∧ 6 ▐
\ \ ◙ # \ ⊙ \ ∀ ▲ ⊠ # \ ⊠ ▣ + ◩ ■ ⊙ ◙ ⊙ \ \ + ■ \ ⊠ ◙ ◙ ⊠ ◩ ⊙ ▌ - * ■ ■ Λ ∧ = ■ ▐ ∧ ▌ □ < 6 6 ▌ Λ Λ ‖ ÷ * ÷ Λ ▌ ‖ ÷ ÷ ◧ ▌ ▌ ■ ■ ▌ 6 ⊠ ▌ ⊠ ^
# ▲ ▣ ▲ ◙ ◙ ∀ ! ▣ ◩ ▣ ■ ∀ ■ ! ⊙ \ ∀ ▲ ∀ ■ ∀ ⊙ ! ■ \ ◙ ∀ ! ! ■ ∀ < ^ ■ ⊠ - ⊠ Λ ▐ ∧ Λ ⊠ □ ÷ ▐ * ◧ ÷ ▌ □ ‖ 6 ■ ÷ Λ ■ ÷ 6 ‖ ‖ ▌ □ ◧ □ ◧ □ Λ ▐ ÷
◙ ◩ \ ▣ ◙ # ⊠ ! ∀ + ⊠ \ + ▣ ◩ \ ∀ + ▣ ▣ ⊠ ! ■ ! ⊙ ▣ ◩ ◙ ◙ ▣ + ■ ÷ - ∀ 6 = ‖ Λ ÷ Λ ÷ □ ■ □ ‖ ▌ ‖ 6 ⊠ ▐ ÷ ⊠ Λ ÷ ÷ 6 ^ ◧ Λ 6 □ ⊠ 6 ■ = □ 6 □ ⊠
+ + ∀ + ◩ ◙ ▣ ∀ ▣ ⊙ ⊙ ◙ ▣ ▣ ◩ ◙ ◩ ◩ ◙ \ \ ! ⊠ + \ ■ + ⊙ \ # # ▐ ◧ ‖ ■ ‖ Λ = * □ - □ ‖ ‖ ■ Λ ^ ÷ ■ 6 6 ‖ ÷ * □ Λ = ■ ■ 6 6 ▐ ▌ ‖ ÷ ■ ⊠ ⊠ ▌ ▐
▣ ◙ # ◙ # ⊠ + ▣ ◩ ▣ ■ ⊙ \ ⊠ ⊠ ◙ ⊠ ∀ \ ⊙ \ ⊠ # ◙ ▲ ▲ ■ ⊙ ⊙ ■ ■ ■ ∀ 6 < ▌ □ 6 ∧ □ ÷ = = ▌ ◧ ^ ∧ ∧ ⊠ ■ 6 ÷ □ ⊠ ◧ □ 6 ▐ Λ ⊠ ▐ ▐ ▌ □ * ■ ■ ÷ - ÷
# ⊙ # ∀ \ ⊠ ◙ ▲ ▲ ⊠ ▣ ■ ▲ ■ ⊙ ⊠ + ∀ \ ∀ ! ⊠ ∀ \ ⊠ ◩ ■ ⊙ ▲ ◩ ⊠ Λ ‖ ^ ∀ ^ 6 ÷ Λ = ÷ ÷ ‖ = ■ ▐ ■ ▌ ÷ Λ ◧ 6 * 6 □ ÷ 6 ∀ Λ * = ▐ ▐ ◧ ⊠ ▐ ‖ ⊠ ‖ ▐
⊠ ⊙ ◙ ⊙ + + ◩ + \ # \ ∀ ! ◙ ◙ ▲ ⊠ + ■ ! ◙ ■ ! # + ⊠ ▣ ◩ + ▲ ! ▐ = ⊠ ▐ ⊠ Λ 6 6 ∀ = 6 ▌ ÷ ■ * ◧ Λ * ⊠ □ Λ ◧ ⊠ ‖ 6 ■ ▌ Λ ÷ ▐ ▌ ▌ * - ∀ ◧ □ Λ *
▣ ▣ ▲ # ⊙ ◩ ◩ ! ∀ ■ ⊙ ∀ ▲ \ ◙ ▲ ◩ ▲ ◩ ▲ ■ ◙ \ ⊠ ⊙ ⊠ # ■ ∀ ■ \ 6 ◧ ⊠ ■ ■ ^ ▐ ■ ÷ □ ÷ ⊠ ▌ ■ □ ⊠ ‖ 6 < * ‖ □ ÷ 6 ▐ ▐ Λ ■ ▐ - ÷ Λ ◧ ÷ ◧ ⊠ ▐ ‖ ‖
Страна Мам . ру
